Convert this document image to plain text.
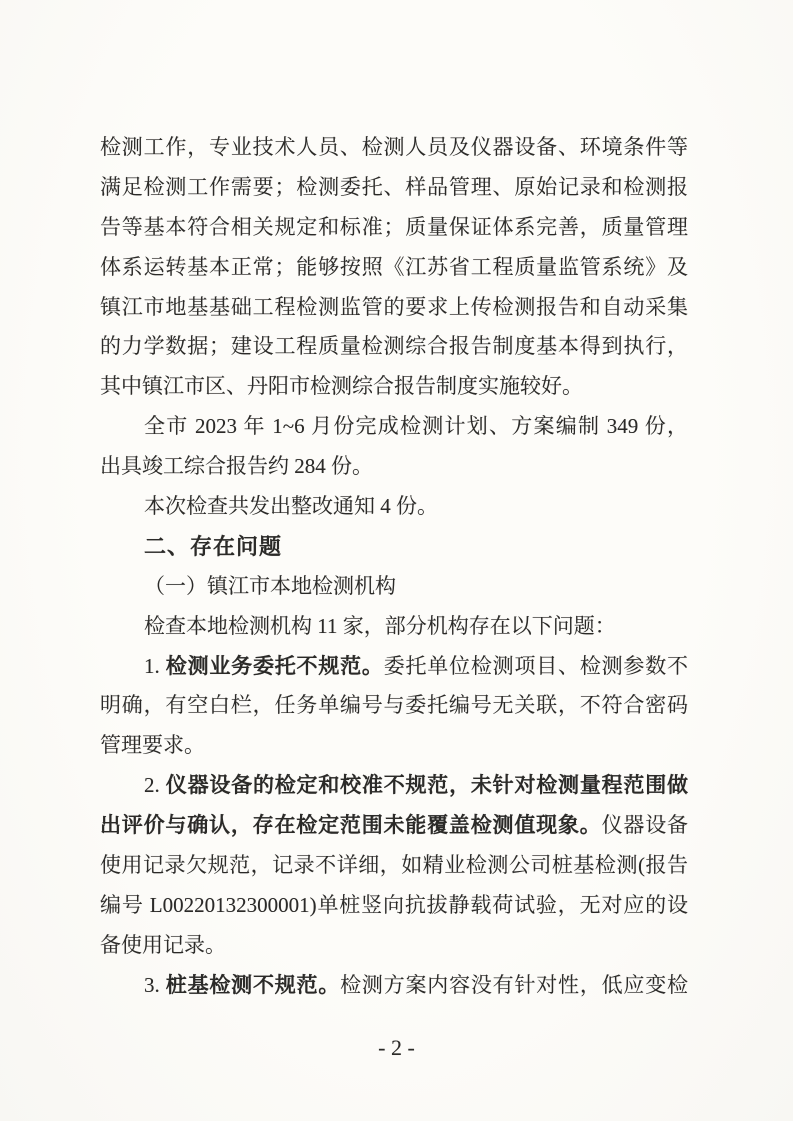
检测工作，专业技术人员、检测人员及仪器设备、环境条件等
满足检测工作需要；检测委托、样品管理、原始记录和检测报
告等基本符合相关规定和标准；质量保证体系完善，质量管理
体系运转基本正常；能够按照《江苏省工程质量监管系统》及
镇江市地基基础工程检测监管的要求上传检测报告和自动采集
的力学数据；建设工程质量检测综合报告制度基本得到执行，
其中镇江市区、丹阳市检测综合报告制度实施较好。
全市 2023 年 1~6 月份完成检测计划、方案编制 349 份，
出具竣工综合报告约 284 份。
本次检查共发出整改通知 4 份。
二、存在问题
（一）镇江市本地检测机构
检查本地检测机构 11 家，部分机构存在以下问题：
1. 检测业务委托不规范。委托单位检测项目、检测参数不
明确，有空白栏，任务单编号与委托编号无关联，不符合密码
管理要求。
2. 仪器设备的检定和校准不规范，未针对检测量程范围做
出评价与确认，存在检定范围未能覆盖检测值现象。仪器设备
使用记录欠规范，记录不详细，如精业检测公司桩基检测(报告
编号 L00220132300001)单桩竖向抗拔静载荷试验，无对应的设
备使用记录。
3. 桩基检测不规范。检测方案内容没有针对性，低应变检
- 2 -
